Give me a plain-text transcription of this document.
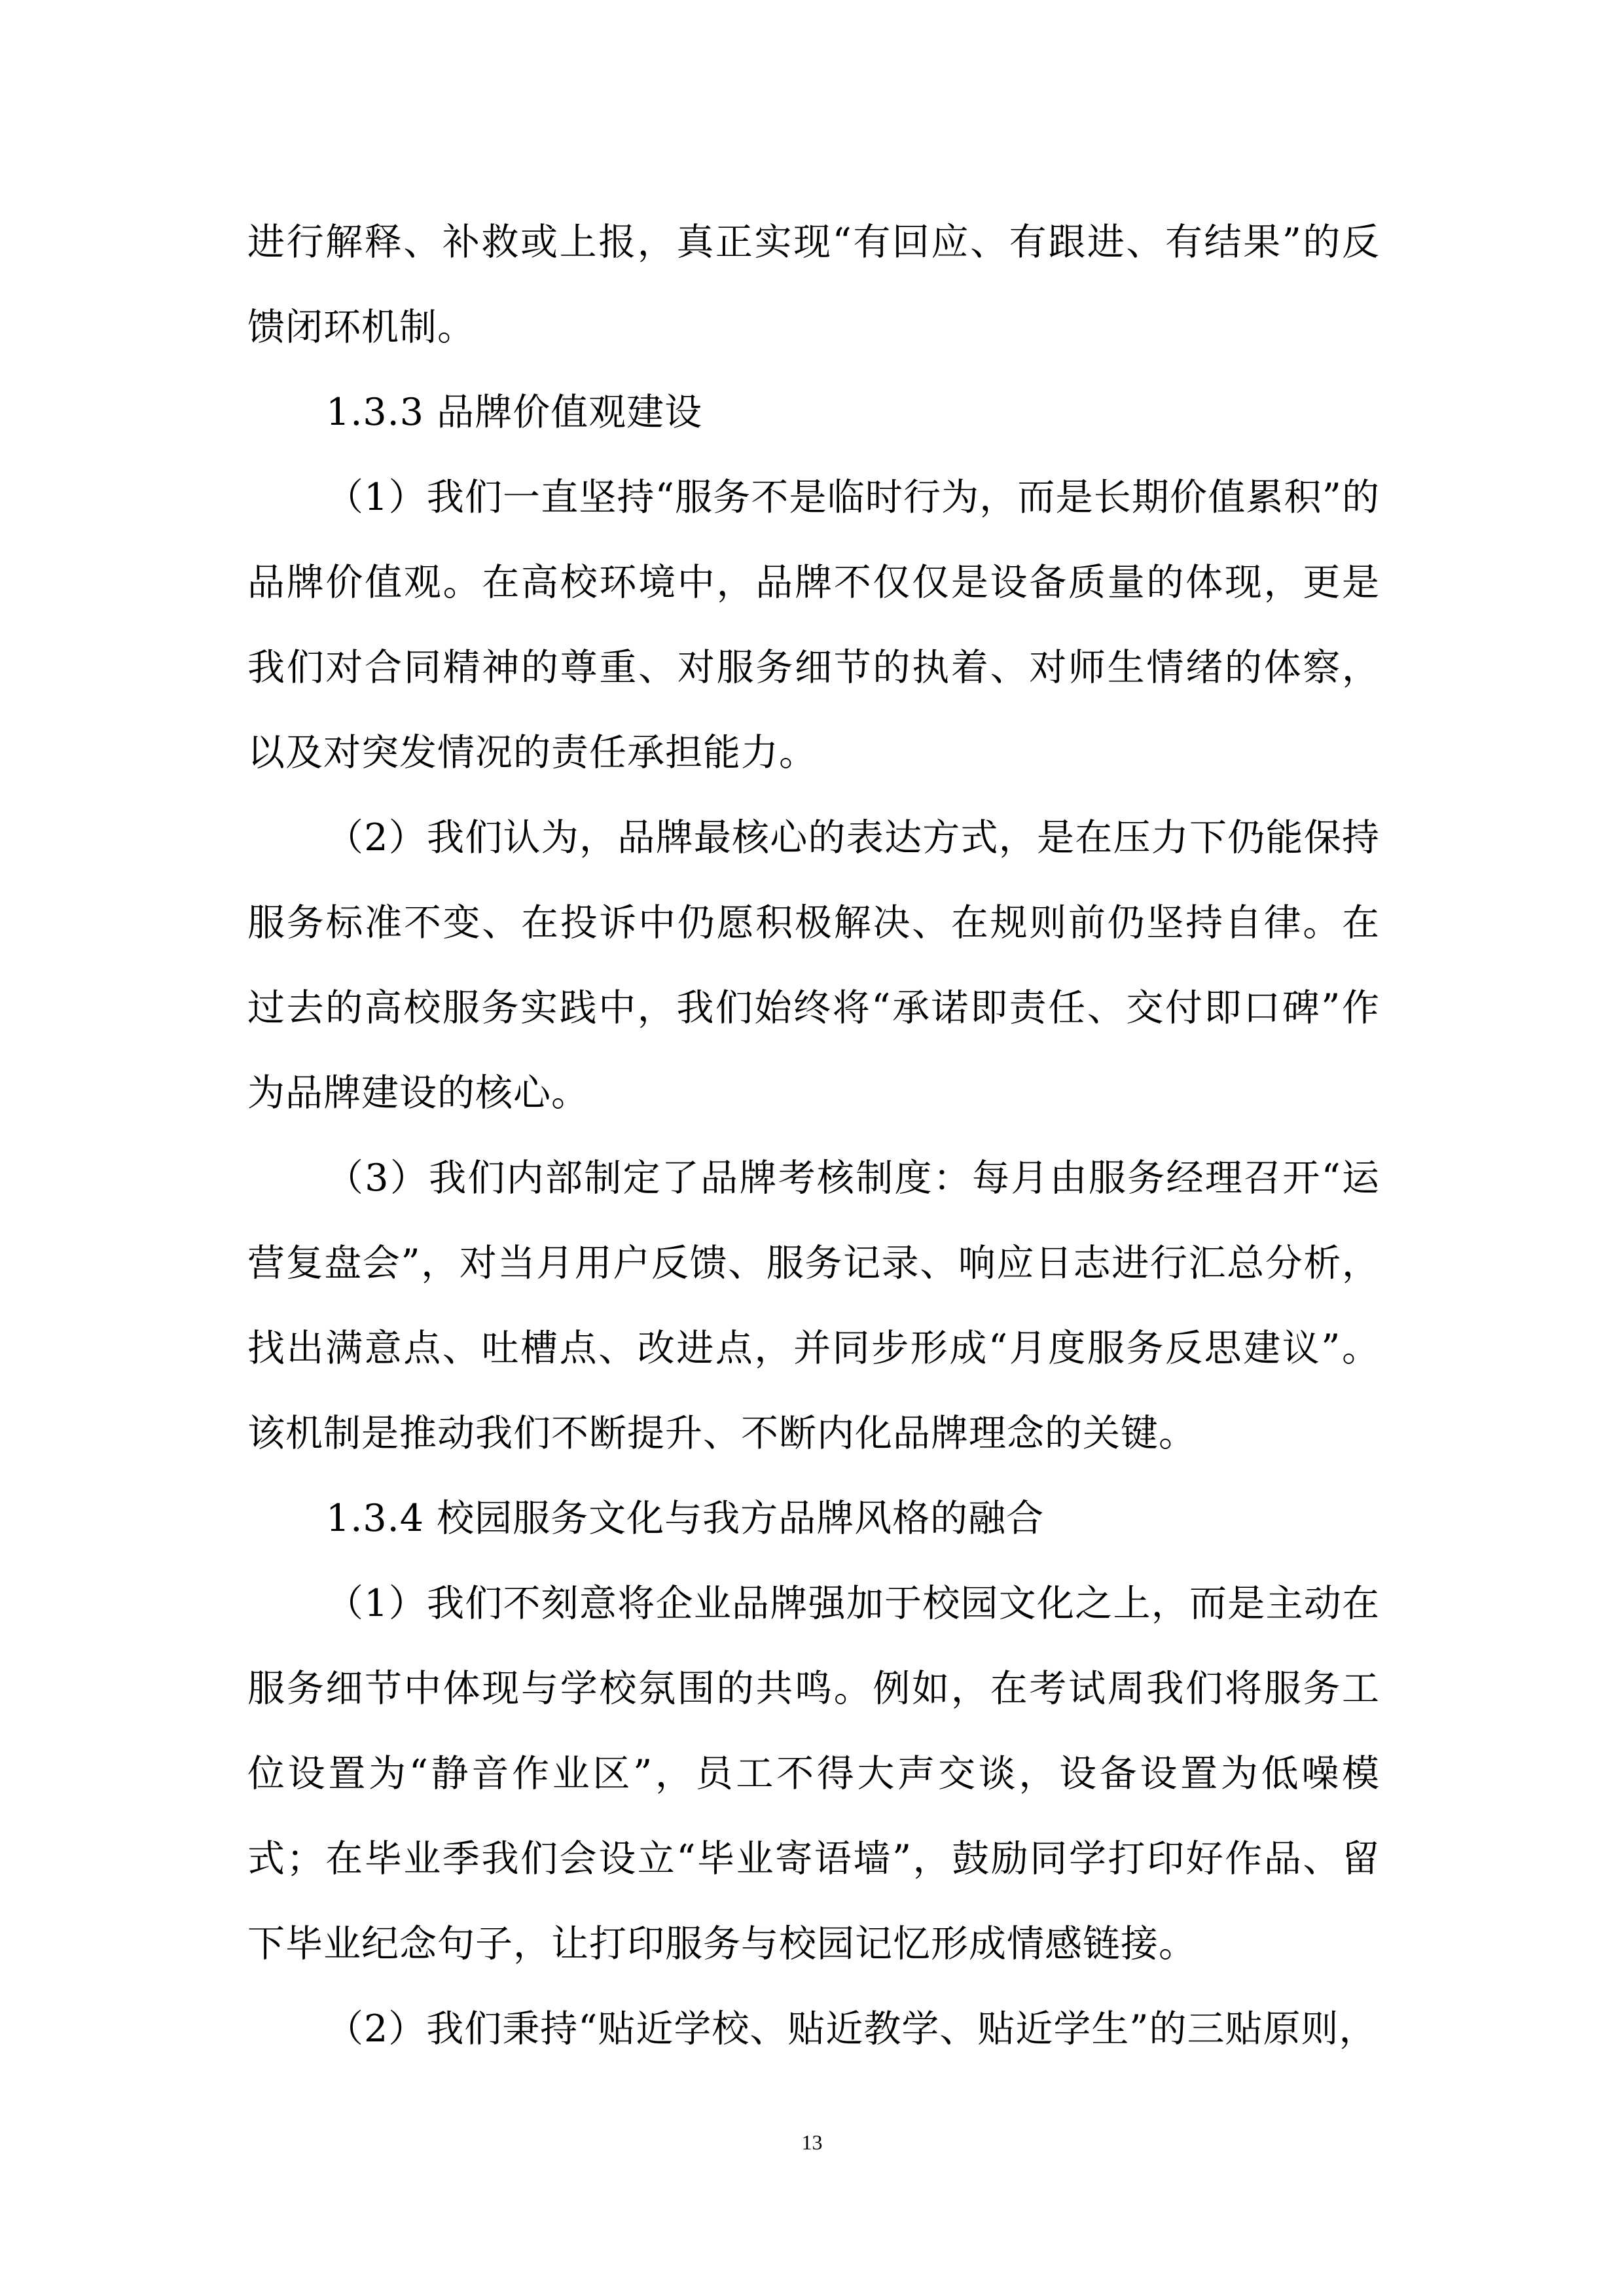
进行解释、补救或上报，真正实现“有回应、有跟进、有结果”的反馈闭环机制。

1.3.3 品牌价值观建设

（1）我们一直坚持“服务不是临时行为，而是长期价值累积”的品牌价值观。在高校环境中，品牌不仅仅是设备质量的体现，更是我们对合同精神的尊重、对服务细节的执着、对师生情绪的体察，以及对突发情况的责任承担能力。

（2）我们认为，品牌最核心的表达方式，是在压力下仍能保持服务标准不变、在投诉中仍愿积极解决、在规则前仍坚持自律。在过去的高校服务实践中，我们始终将“承诺即责任、交付即口碑”作为品牌建设的核心。

（3）我们内部制定了品牌考核制度：每月由服务经理召开“运营复盘会”，对当月用户反馈、服务记录、响应日志进行汇总分析，找出满意点、吐槽点、改进点，并同步形成“月度服务反思建议”。该机制是推动我们不断提升、不断内化品牌理念的关键。

1.3.4 校园服务文化与我方品牌风格的融合

（1）我们不刻意将企业品牌强加于校园文化之上，而是主动在服务细节中体现与学校氛围的共鸣。例如，在考试周我们将服务工位设置为“静音作业区”，员工不得大声交谈，设备设置为低噪模式；在毕业季我们会设立“毕业寄语墙”，鼓励同学打印好作品、留下毕业纪念句子，让打印服务与校园记忆形成情感链接。

（2）我们秉持“贴近学校、贴近教学、贴近学生”的三贴原则，

13
